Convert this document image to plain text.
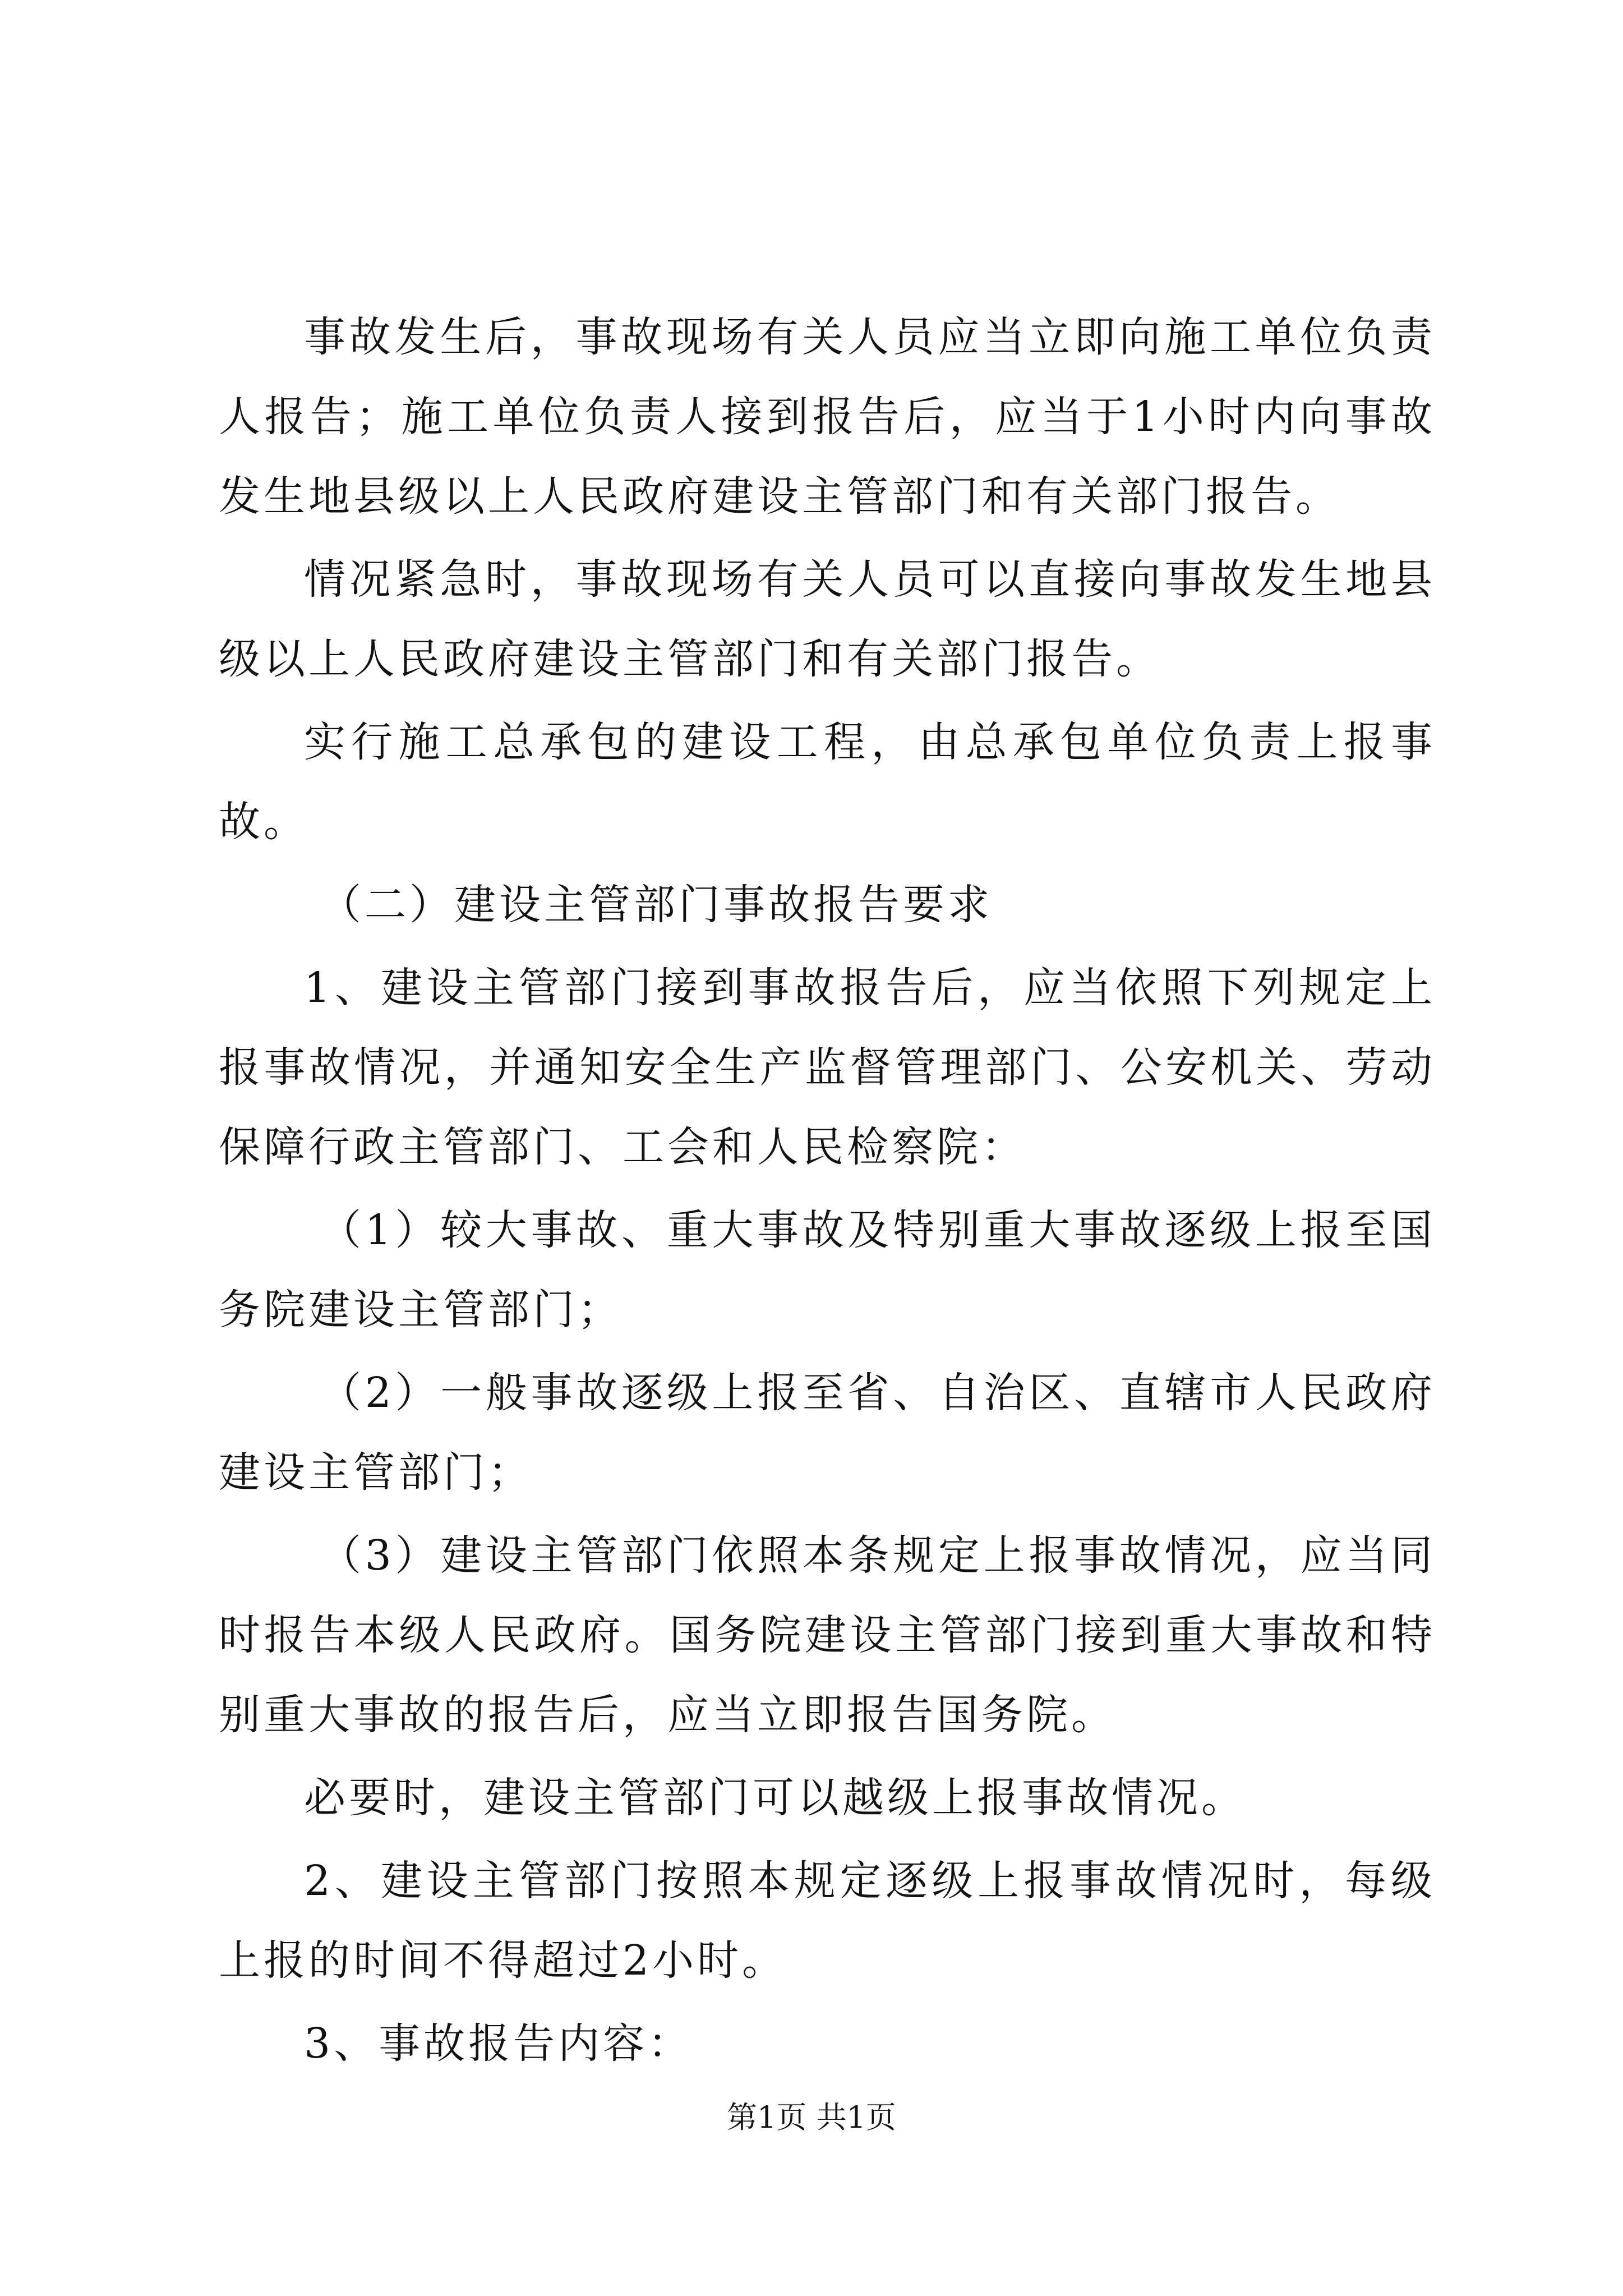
事故发生后，事故现场有关人员应当立即向施工单位负责人报告；施工单位负责人接到报告后，应当于1小时内向事故发生地县级以上人民政府建设主管部门和有关部门报告。

情况紧急时，事故现场有关人员可以直接向事故发生地县级以上人民政府建设主管部门和有关部门报告。

实行施工总承包的建设工程，由总承包单位负责上报事故。

（二）建设主管部门事故报告要求

1、建设主管部门接到事故报告后，应当依照下列规定上报事故情况，并通知安全生产监督管理部门、公安机关、劳动保障行政主管部门、工会和人民检察院：

（1）较大事故、重大事故及特别重大事故逐级上报至国务院建设主管部门；

（2）一般事故逐级上报至省、自治区、直辖市人民政府建设主管部门；

（3）建设主管部门依照本条规定上报事故情况，应当同时报告本级人民政府。国务院建设主管部门接到重大事故和特别重大事故的报告后，应当立即报告国务院。

必要时，建设主管部门可以越级上报事故情况。

2、建设主管部门按照本规定逐级上报事故情况时，每级上报的时间不得超过2小时。

3、事故报告内容：

第1页 共1页
